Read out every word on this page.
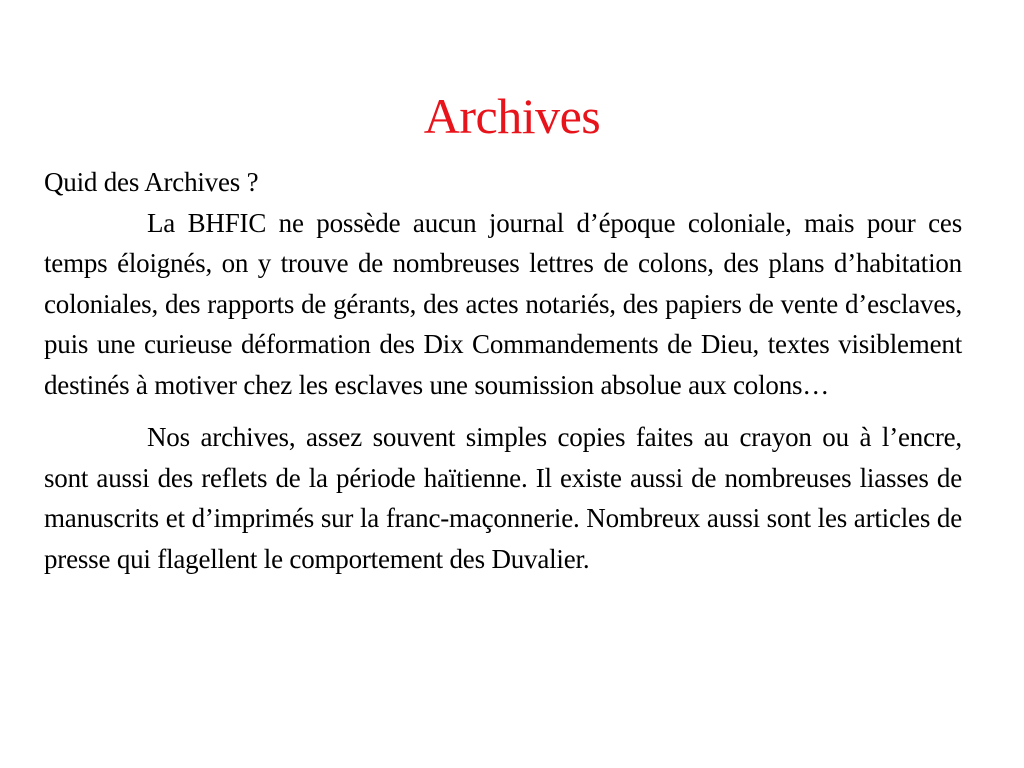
Archives

Quid des Archives ?

La BHFIC ne possède aucun journal d’époque coloniale, mais pour ces temps éloignés, on y trouve de nombreuses lettres de colons, des plans d’habitation coloniales, des rapports de gérants, des actes notariés, des papiers de vente d’esclaves, puis une curieuse déformation des Dix Commandements de Dieu, textes visiblement destinés à motiver chez les esclaves une soumission absolue aux colons…

Nos archives, assez souvent simples copies faites au crayon ou à l’encre, sont aussi des reflets de la période haïtienne. Il existe aussi de nombreuses liasses de manuscrits et d’imprimés sur la franc-maçonnerie. Nombreux aussi sont les articles de presse qui flagellent le comportement des Duvalier.
